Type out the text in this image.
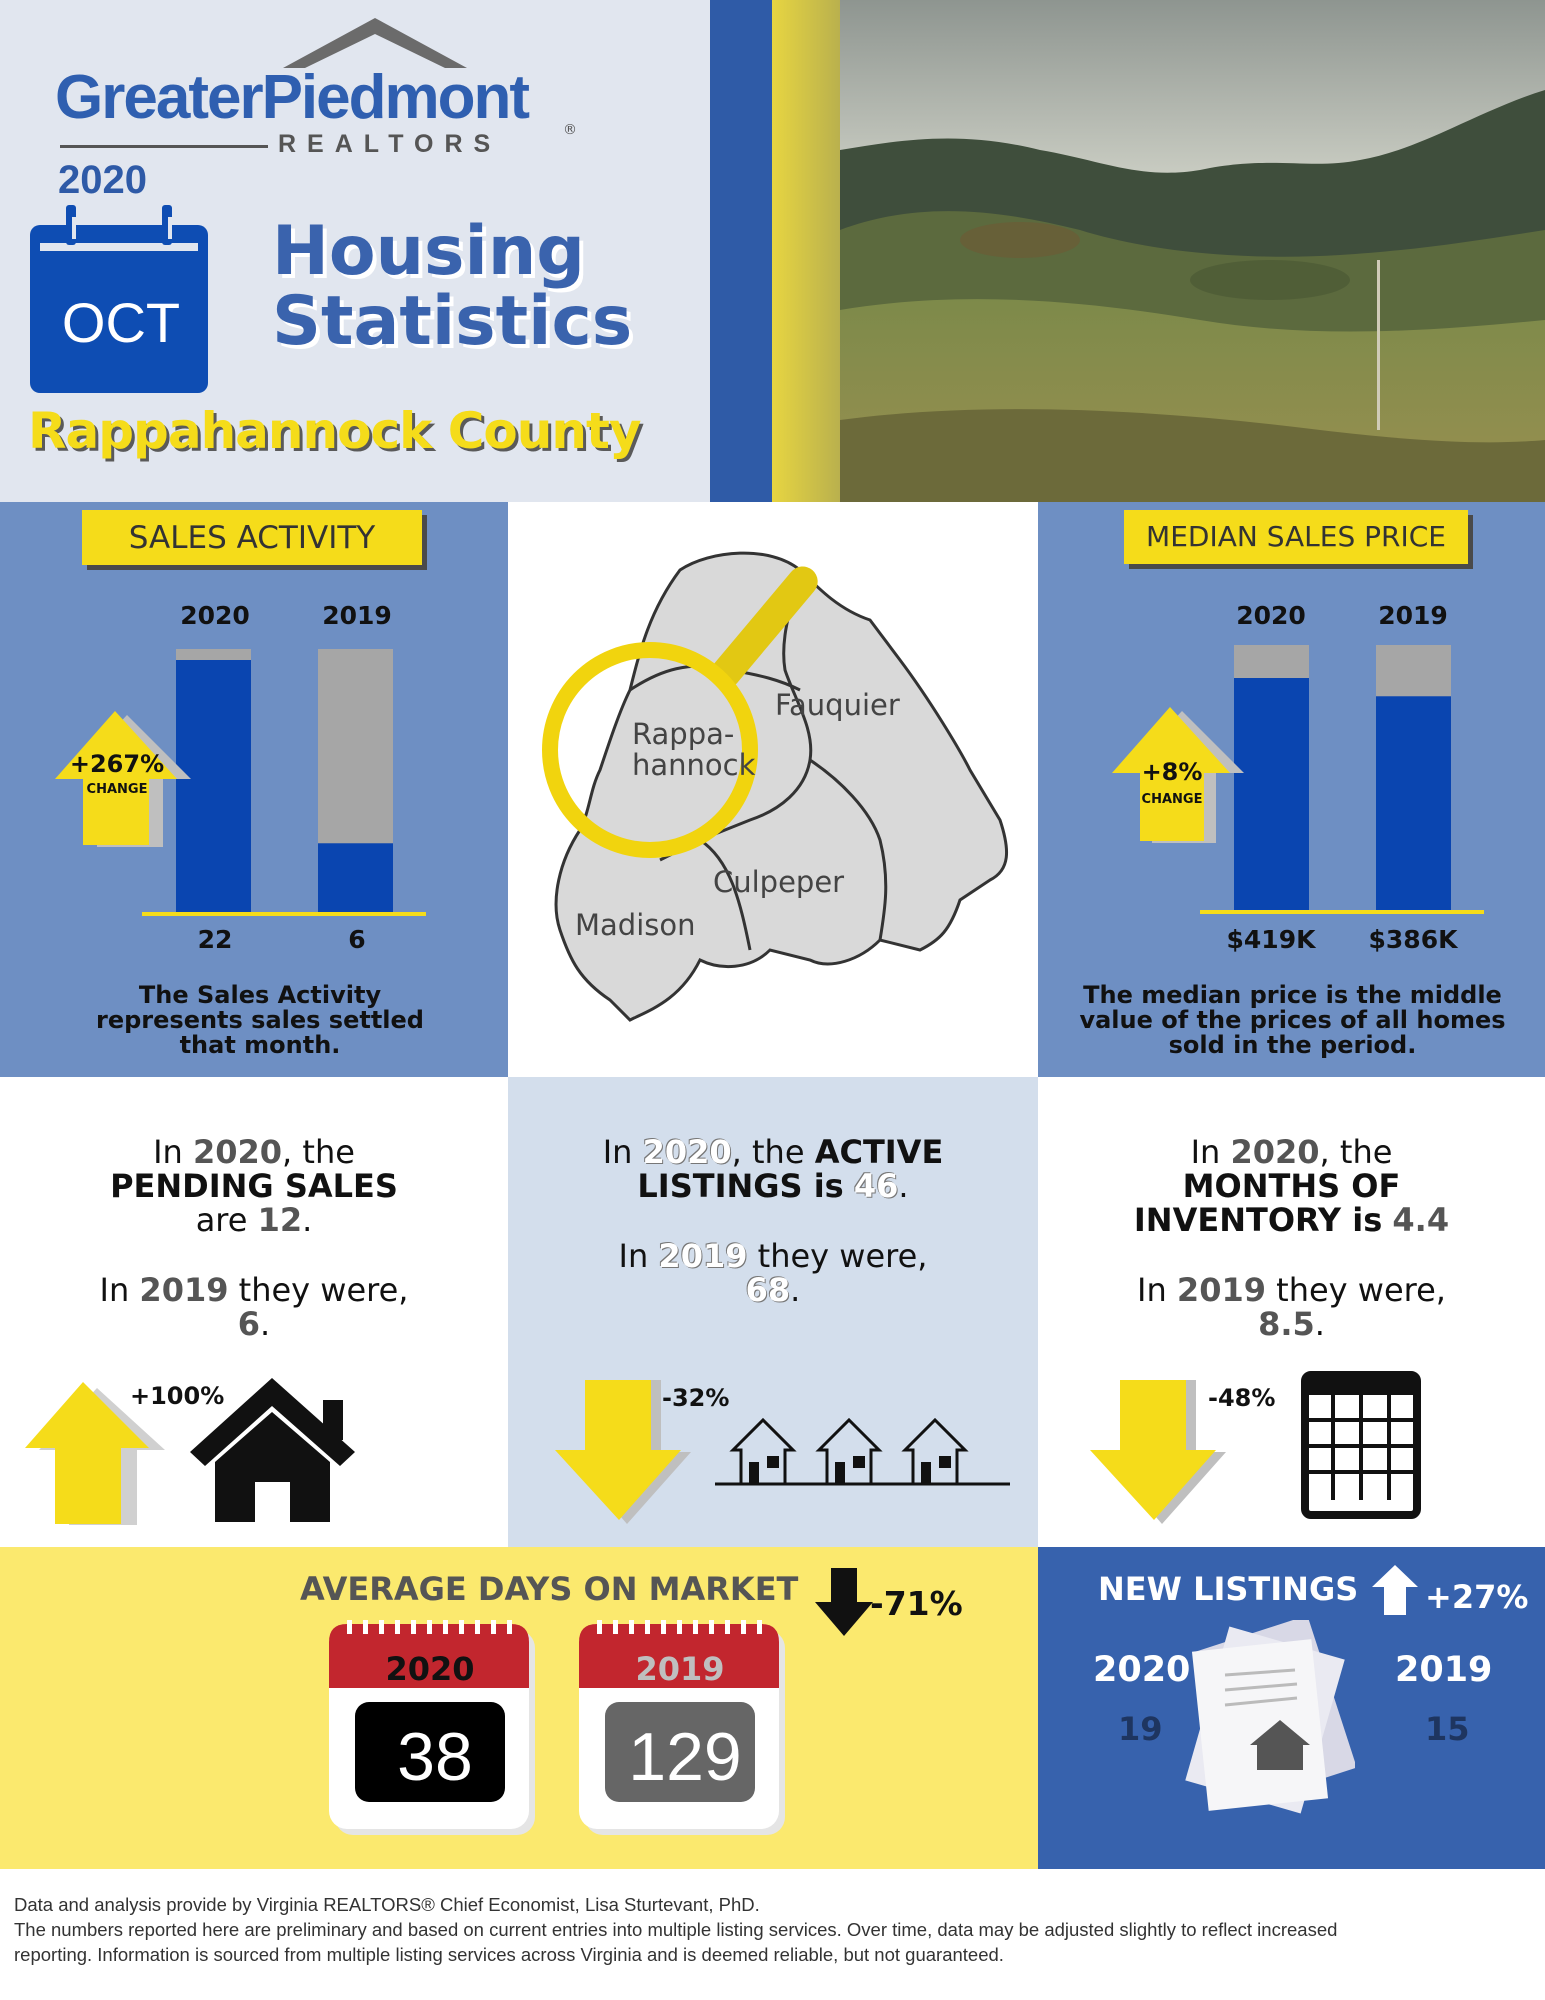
GreaterPiedmont
REALTORS	®
2020
OCT
Housing
Statistics
Rappahannock County
SALES ACTIVITY
2020	2019
+267%
CHANGE
22	6
The Sales Activity
represents sales settled
that month.
Rappa-
hannock
Fauquier
Culpeper
Madison
MEDIAN SALES PRICE
2020	2019
+8%
CHANGE
$419K	$386K
The median price is the middle
value of the prices of all homes
sold in the period.
In 2020, the
PENDING SALES
are 12.
In 2019 they were,
6.
+100%
In 2020, the ACTIVE
LISTINGS is 46.
In 2019 they were,
68.
-32%
In 2020, the
MONTHS OF
INVENTORY is 4.4
In 2019 they were,
8.5.
-48%
AVERAGE DAYS ON MARKET -71%
2020
38
2019
129
NEW LISTINGS +27%
2020
19
2019
15
Data and analysis provide by Virginia REALTORS® Chief Economist, Lisa Sturtevant, PhD.
The numbers reported here are preliminary and based on current entries into multiple listing services. Over time, data may be adjusted slightly to reflect increased
reporting. Information is sourced from multiple listing services across Virginia and is deemed reliable, but not guaranteed.
